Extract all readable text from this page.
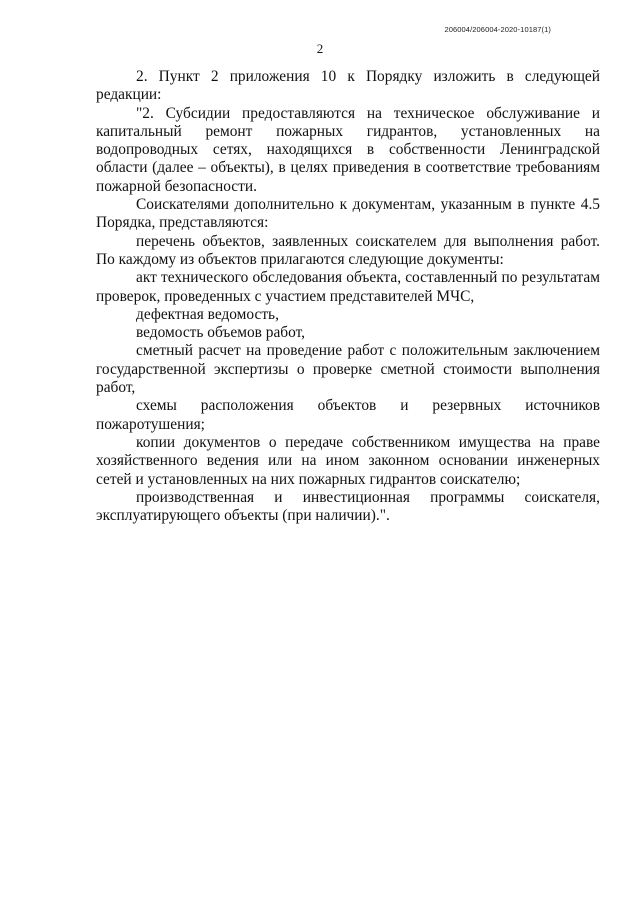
206004/206004-2020-10187(1)
2

2. Пункт 2 приложения 10 к Порядку изложить в следующей редакции:

"2. Субсидии предоставляются на техническое обслуживание и капитальный ремонт пожарных гидрантов, установленных на водопроводных сетях, находящихся в собственности Ленинградской области (далее – объекты), в целях приведения в соответствие требованиям пожарной безопасности.

Соискателями дополнительно к документам, указанным в пункте 4.5 Порядка, представляются:

перечень объектов, заявленных соискателем для выполнения работ. По каждому из объектов прилагаются следующие документы:

акт технического обследования объекта, составленный по результатам проверок, проведенных с участием представителей МЧС,

дефектная ведомость,

ведомость объемов работ,

сметный расчет на проведение работ с положительным заключением государственной экспертизы о проверке сметной стоимости выполнения работ,

схемы расположения объектов и резервных источников пожаротушения;

копии документов о передаче собственником имущества на праве хозяйственного ведения или на ином законном основании инженерных сетей и установленных на них пожарных гидрантов соискателю;

производственная и инвестиционная программы соискателя, эксплуатирующего объекты (при наличии).".
